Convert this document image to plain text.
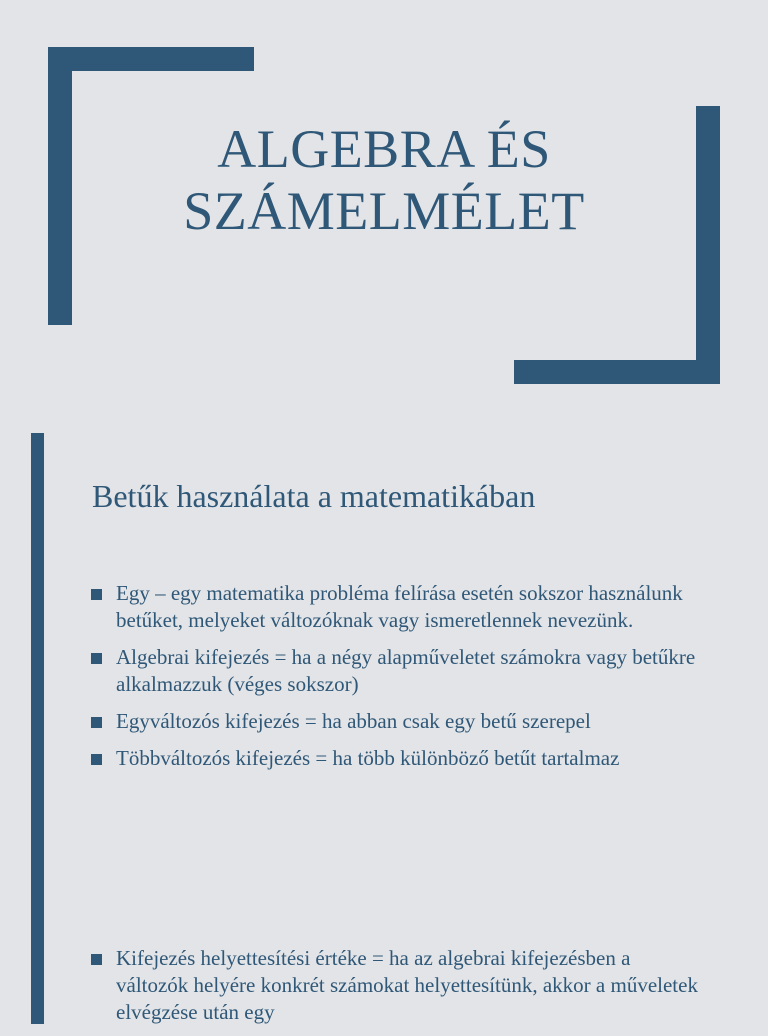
ALGEBRA ÉS
SZÁMELMÉLET
Betűk használata a matematikában
Egy – egy matematika probléma felírása esetén sokszor használunk betűket, melyeket változóknak vagy ismeretlennek nevezünk.
Algebrai kifejezés = ha a négy alapműveletet számokra vagy betűkre alkalmazzuk (véges sokszor)
Egyváltozós kifejezés = ha abban csak egy betű szerepel
Többváltozós kifejezés = ha több különböző betűt tartalmaz
Kifejezés helyettesítési értéke = ha az algebrai kifejezésben a változók helyére konkrét számokat helyettesítünk, akkor a műveletek elvégzése után egy
